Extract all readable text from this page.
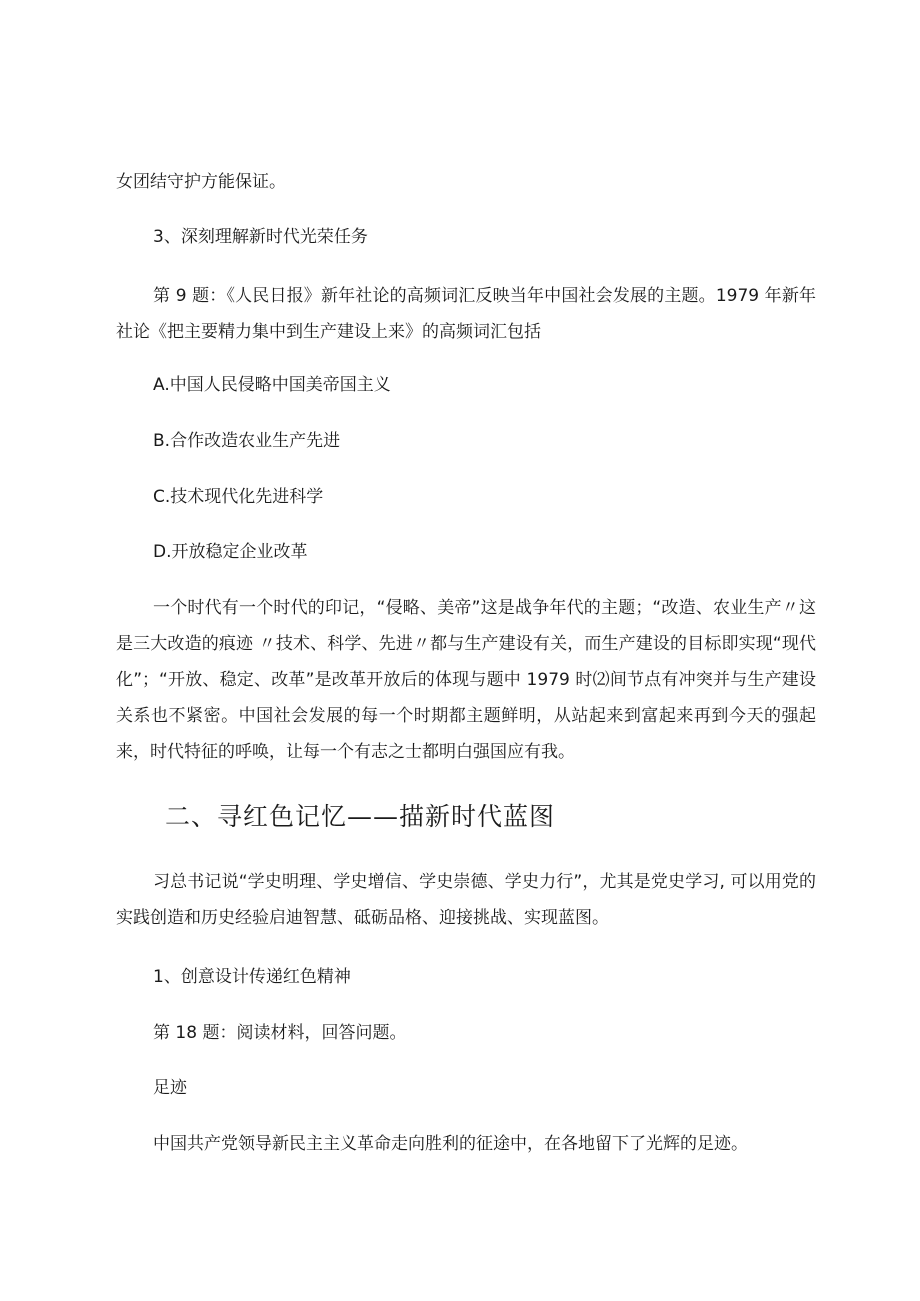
女团结守护方能保证。
3、深刻理解新时代光荣任务
第 9 题：《人民日报》新年社论的高频词汇反映当年中国社会发展的主题。1979 年新年社论《把主要精力集中到生产建设上来》的高频词汇包括
A.中国人民侵略中国美帝国主义
B.合作改造农业生产先进
C.技术现代化先进科学
D.开放稳定企业改革
一个时代有一个时代的印记，“侵略、美帝”这是战争年代的主题；“改造、农业生产〃这是三大改造的痕迹 〃技术、科学、先进〃都与生产建设有关，而生产建设的目标即实现“现代化”；“开放、稳定、改革”是改革开放后的体现与题中 1979 时⑵间节点有冲突并与生产建设关系也不紧密。中国社会发展的每一个时期都主题鲜明，从站起来到富起来再到今天的强起来，时代特征的呼唤，让每一个有志之士都明白强国应有我。
二、寻红色记忆——描新时代蓝图
习总书记说“学史明理、学史增信、学史崇德、学史力行”，尤其是党史学习, 可以用党的实践创造和历史经验启迪智慧、砥砺品格、迎接挑战、实现蓝图。
1、创意设计传递红色精神
第 18 题：阅读材料，回答问题。
足迹
中国共产党领导新民主主义革命走向胜利的征途中，在各地留下了光辉的足迹。
